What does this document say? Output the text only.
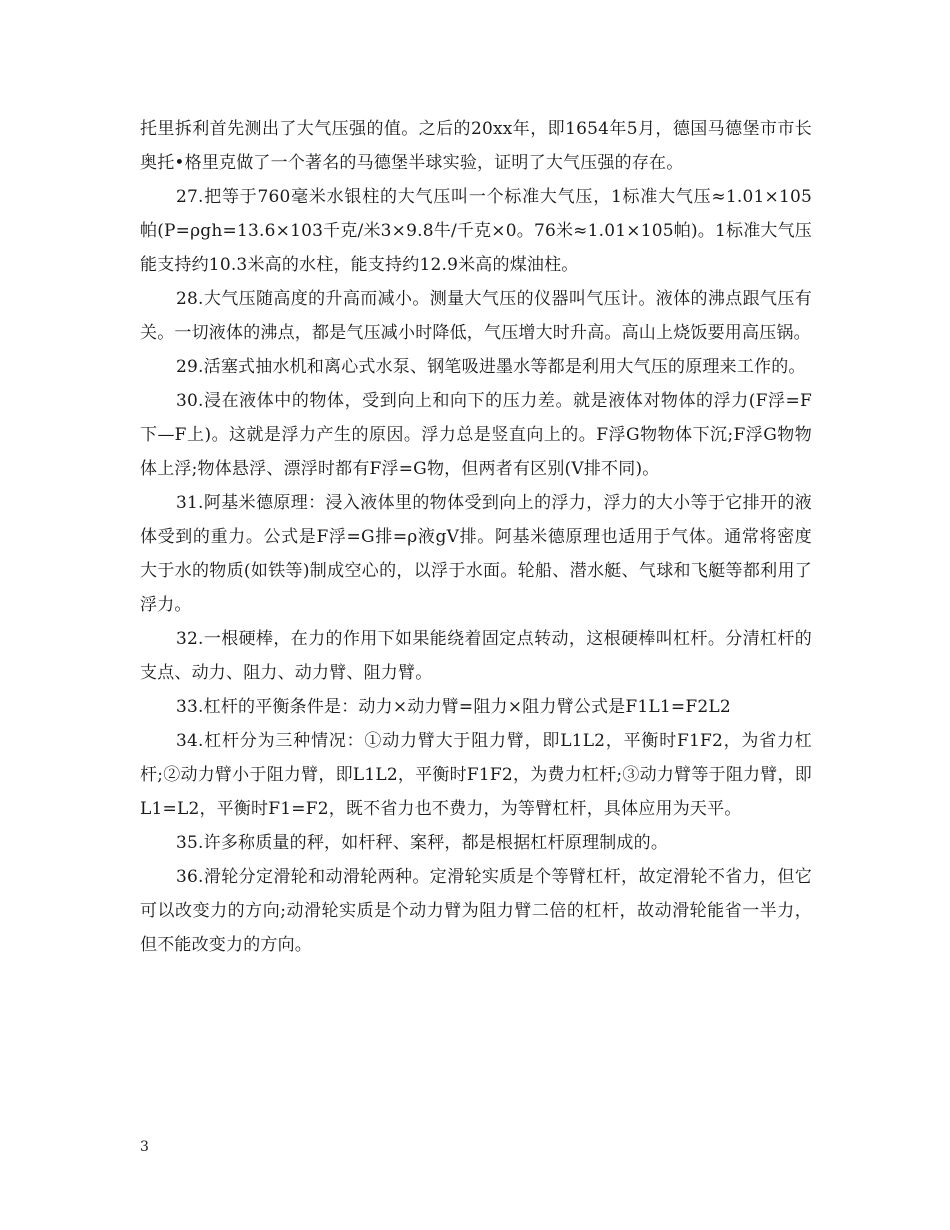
托里拆利首先测出了大气压强的值。之后的20xx年，即1654年5月，德国马德堡市市长奥托•格里克做了一个著名的马德堡半球实验，证明了大气压强的存在。

27.把等于760毫米水银柱的大气压叫一个标准大气压，1标准大气压≈1.01×105帕(P=ρgh=13.6×103千克/米3×9.8牛/千克×0。76米≈1.01×105帕)。1标准大气压能支持约10.3米高的水柱，能支持约12.9米高的煤油柱。

28.大气压随高度的升高而减小。测量大气压的仪器叫气压计。液体的沸点跟气压有关。一切液体的沸点，都是气压减小时降低，气压增大时升高。高山上烧饭要用高压锅。

29.活塞式抽水机和离心式水泵、钢笔吸进墨水等都是利用大气压的原理来工作的。

30.浸在液体中的物体，受到向上和向下的压力差。就是液体对物体的浮力(F浮=F下—F上)。这就是浮力产生的原因。浮力总是竖直向上的。F浮G物物体下沉;F浮G物物体上浮;物体悬浮、漂浮时都有F浮=G物，但两者有区别(V排不同)。

31.阿基米德原理：浸入液体里的物体受到向上的浮力，浮力的大小等于它排开的液体受到的重力。公式是F浮=G排=ρ液gV排。阿基米德原理也适用于气体。通常将密度大于水的物质(如铁等)制成空心的，以浮于水面。轮船、潜水艇、气球和飞艇等都利用了浮力。

32.一根硬棒，在力的作用下如果能绕着固定点转动，这根硬棒叫杠杆。分清杠杆的支点、动力、阻力、动力臂、阻力臂。

33.杠杆的平衡条件是：动力×动力臂=阻力×阻力臂公式是F1L1=F2L2

34.杠杆分为三种情况：①动力臂大于阻力臂，即L1L2，平衡时F1F2，为省力杠杆;②动力臂小于阻力臂，即L1L2，平衡时F1F2，为费力杠杆;③动力臂等于阻力臂，即L1=L2，平衡时F1=F2，既不省力也不费力，为等臂杠杆，具体应用为天平。

35.许多称质量的秤，如杆秤、案秤，都是根据杠杆原理制成的。

36.滑轮分定滑轮和动滑轮两种。定滑轮实质是个等臂杠杆，故定滑轮不省力，但它可以改变力的方向;动滑轮实质是个动力臂为阻力臂二倍的杠杆，故动滑轮能省一半力，但不能改变力的方向。

3
